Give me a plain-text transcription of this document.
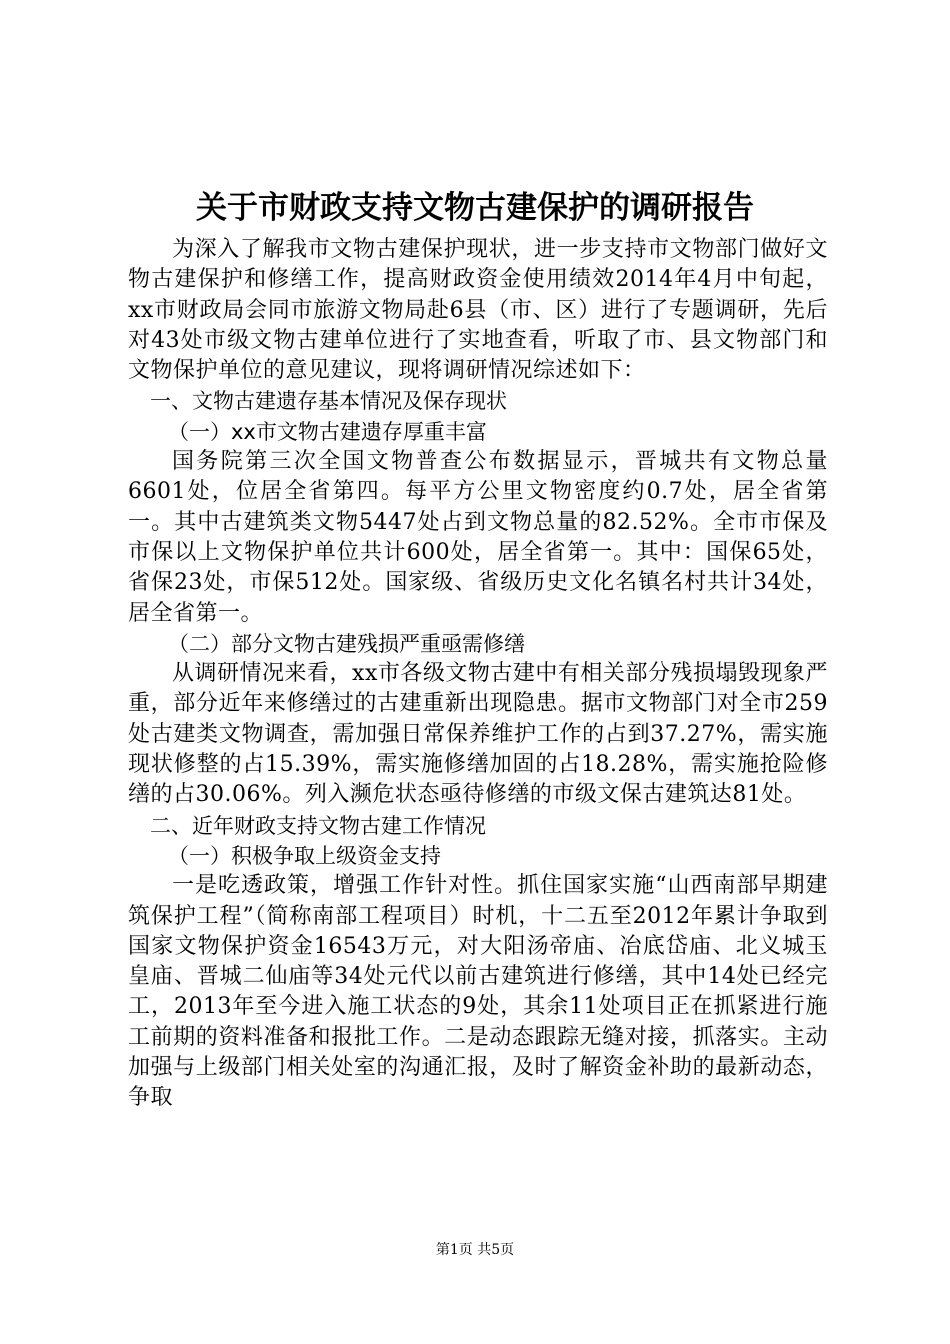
关于市财政支持文物古建保护的调研报告

为深入了解我市文物古建保护现状，进一步支持市文物部门做好文物古建保护和修缮工作，提高财政资金使用绩效2014年4月中旬起，xx市财政局会同市旅游文物局赴6县（市、区）进行了专题调研，先后对43处市级文物古建单位进行了实地查看，听取了市、县文物部门和文物保护单位的意见建议，现将调研情况综述如下：

一、文物古建遗存基本情况及保存现状

（一）xx市文物古建遗存厚重丰富

国务院第三次全国文物普查公布数据显示，晋城共有文物总量6601处，位居全省第四。每平方公里文物密度约0.7处，居全省第一。其中古建筑类文物5447处占到文物总量的82.52%。全市市保及市保以上文物保护单位共计600处，居全省第一。其中：国保65处，省保23处，市保512处。国家级、省级历史文化名镇名村共计34处，居全省第一。

（二）部分文物古建残损严重亟需修缮

从调研情况来看，xx市各级文物古建中有相关部分残损塌毁现象严重，部分近年来修缮过的古建重新出现隐患。据市文物部门对全市259处古建类文物调查，需加强日常保养维护工作的占到37.27%，需实施现状修整的占15.39%，需实施修缮加固的占18.28%，需实施抢险修缮的占30.06%。列入濒危状态亟待修缮的市级文保古建筑达81处。

二、近年财政支持文物古建工作情况

（一）积极争取上级资金支持

一是吃透政策，增强工作针对性。抓住国家实施“山西南部早期建筑保护工程”（简称南部工程项目）时机，十二五至2012年累计争取到国家文物保护资金16543万元，对大阳汤帝庙、冶底岱庙、北义城玉皇庙、晋城二仙庙等34处元代以前古建筑进行修缮，其中14处已经完工，2013年至今进入施工状态的9处，其余11处项目正在抓紧进行施工前期的资料准备和报批工作。二是动态跟踪无缝对接，抓落实。主动加强与上级部门相关处室的沟通汇报，及时了解资金补助的最新动态，争取

第1页 共5页
